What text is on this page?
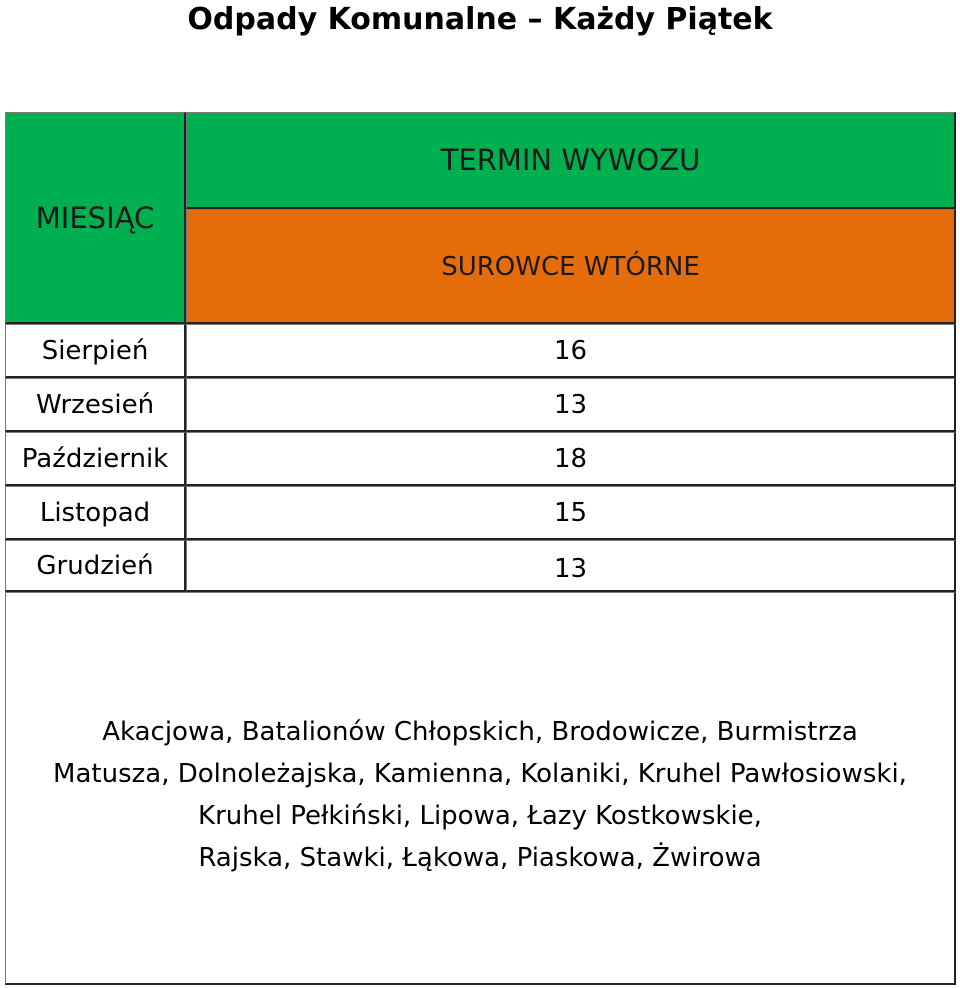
Odpady Komunalne – Każdy Piątek
MIESIĄC
TERMIN WYWOZU
SUROWCE WTÓRNE
Sierpień	16
Wrzesień	13
Październik	18
Listopad	15
Grudzień	13
Akacjowa, Batalionów Chłopskich, Brodowicze, Burmistrza
Matusza, Dolnoleżajska, Kamienna, Kolaniki, Kruhel Pawłosiowski,
Kruhel Pełkiński, Lipowa, Łazy Kostkowskie,
Rajska, Stawki, Łąkowa, Piaskowa, Żwirowa
